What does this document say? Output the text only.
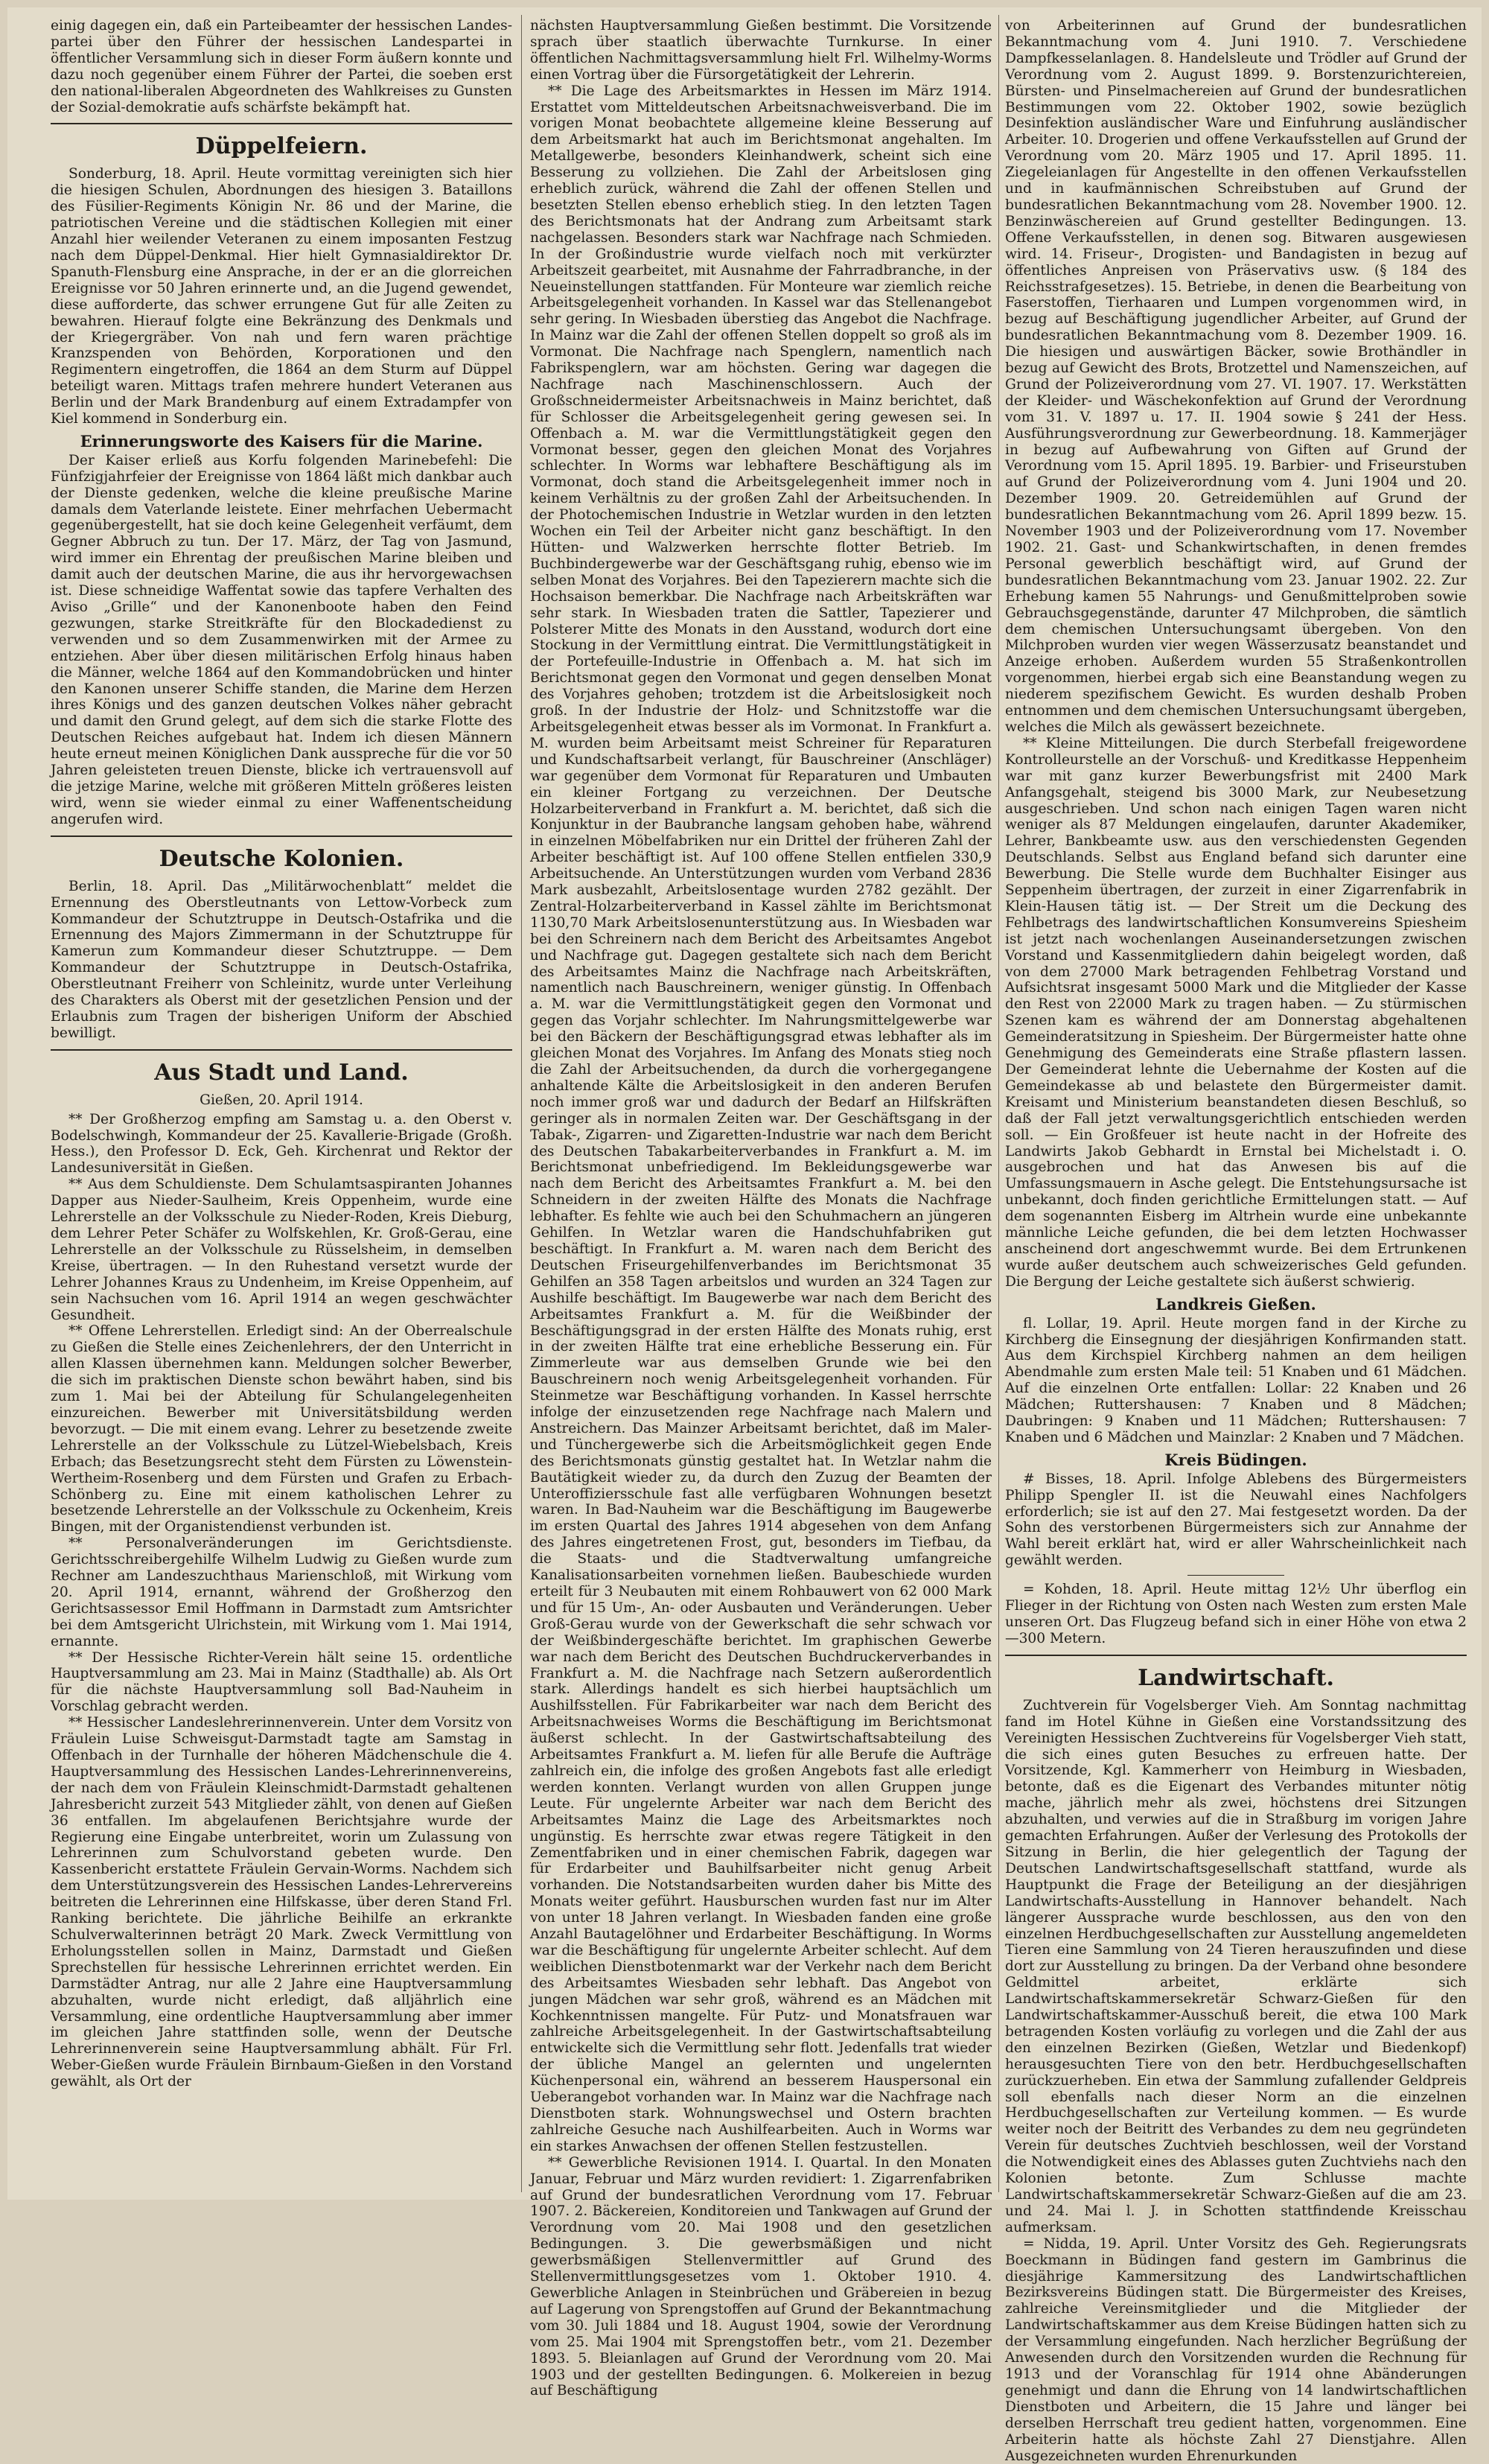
einig dagegen ein, daß ein Parteibeamter der hessischen Landes-partei über den Führer der hessischen Landespartei in öffentlicher Versammlung sich in dieser Form äußern konnte und dazu noch gegenüber einem Führer der Partei, die soeben erst den national-liberalen Abgeordneten des Wahlkreises zu Gunsten der Sozial-demokratie aufs schärfste bekämpft hat.

Düppelfeiern.

Sonderburg, 18. April. Heute vormittag vereinigten sich hier die hiesigen Schulen, Abordnungen des hiesigen 3. Bataillons des Füsilier-Regiments Königin Nr. 86 und der Marine, die patriotischen Vereine und die städtischen Kollegien mit einer Anzahl hier weilender Veteranen zu einem imposanten Festzug nach dem Düppel-Denkmal. Hier hielt Gymnasialdirektor Dr. Spanuth-Flensburg eine Ansprache, in der er an die glorreichen Ereignisse vor 50 Jahren erinnerte und, an die Jugend gewendet, diese aufforderte, das schwer errungene Gut für alle Zeiten zu bewahren. Hierauf folgte eine Bekränzung des Denkmals und der Kriegergräber. Von nah und fern waren prächtige Kranzspenden von Behörden, Korporationen und den Regimentern eingetroffen, die 1864 an dem Sturm auf Düppel beteiligt waren. Mittags trafen mehrere hundert Veteranen aus Berlin und der Mark Brandenburg auf einem Extradampfer von Kiel kommend in Sonderburg ein.

Erinnerungsworte des Kaisers für die Marine.

Der Kaiser erließ aus Korfu folgenden Marinebefehl: Die Fünfzigjahrfeier der Ereignisse von 1864 läßt mich dankbar auch der Dienste gedenken, welche die kleine preußische Marine damals dem Vaterlande leistete. Einer mehrfachen Uebermacht gegenübergestellt, hat sie doch keine Gelegenheit verfäumt, dem Gegner Abbruch zu tun. Der 17. März, der Tag von Jasmund, wird immer ein Ehrentag der preußischen Marine bleiben und damit auch der deutschen Marine, die aus ihr hervorgewachsen ist. Diese schneidige Waffentat sowie das tapfere Verhalten des Aviso „Grille“ und der Kanonenboote haben den Feind gezwungen, starke Streitkräfte für den Blockadedienst zu verwenden und so dem Zusammenwirken mit der Armee zu entziehen. Aber über diesen militärischen Erfolg hinaus haben die Männer, welche 1864 auf den Kommandobrücken und hinter den Kanonen unserer Schiffe standen, die Marine dem Herzen ihres Königs und des ganzen deutschen Volkes näher gebracht und damit den Grund gelegt, auf dem sich die starke Flotte des Deutschen Reiches aufgebaut hat. Indem ich diesen Männern heute erneut meinen Königlichen Dank ausspreche für die vor 50 Jahren geleisteten treuen Dienste, blicke ich vertrauensvoll auf die jetzige Marine, welche mit größeren Mitteln größeres leisten wird, wenn sie wieder einmal zu einer Waffenentscheidung angerufen wird.

Deutsche Kolonien.

Berlin, 18. April. Das „Militärwochenblatt“ meldet die Ernennung des Oberstleutnants von Lettow-Vorbeck zum Kommandeur der Schutztruppe in Deutsch-Ostafrika und die Ernennung des Majors Zimmermann in der Schutztruppe für Kamerun zum Kommandeur dieser Schutztruppe. — Dem Kommandeur der Schutztruppe in Deutsch-Ostafrika, Oberstleutnant Freiherr von Schleinitz, wurde unter Verleihung des Charakters als Oberst mit der gesetzlichen Pension und der Erlaubnis zum Tragen der bisherigen Uniform der Abschied bewilligt.

Aus Stadt und Land.
Gießen, 20. April 1914.

** Der Großherzog empfing am Samstag u. a. den Oberst v. Bodelschwingh, Kommandeur der 25. Kavallerie-Brigade (Großh. Hess.), den Professor D. Eck, Geh. Kirchenrat und Rektor der Landesuniversität in Gießen.

** Aus dem Schuldienste. Dem Schulamtsaspiranten Johannes Dapper aus Nieder-Saulheim, Kreis Oppenheim, wurde eine Lehrerstelle an der Volksschule zu Nieder-Roden, Kreis Dieburg, dem Lehrer Peter Schäfer zu Wolfskehlen, Kr. Groß-Gerau, eine Lehrerstelle an der Volksschule zu Rüsselsheim, in demselben Kreise, übertragen. — In den Ruhestand versetzt wurde der Lehrer Johannes Kraus zu Undenheim, im Kreise Oppenheim, auf sein Nachsuchen vom 16. April 1914 an wegen geschwächter Gesundheit.

** Offene Lehrerstellen. Erledigt sind: An der Oberrealschule zu Gießen die Stelle eines Zeichenlehrers, der den Unterricht in allen Klassen übernehmen kann. Meldungen solcher Bewerber, die sich im praktischen Dienste schon bewährt haben, sind bis zum 1. Mai bei der Abteilung für Schulangelegenheiten einzureichen. Bewerber mit Universitätsbildung werden bevorzugt. — Die mit einem evang. Lehrer zu besetzende zweite Lehrerstelle an der Volksschule zu Lützel-Wiebelsbach, Kreis Erbach; das Besetzungsrecht steht dem Fürsten zu Löwenstein-Wertheim-Rosenberg und dem Fürsten und Grafen zu Erbach-Schönberg zu. Eine mit einem katholischen Lehrer zu besetzende Lehrerstelle an der Volksschule zu Ockenheim, Kreis Bingen, mit der Organistendienst verbunden ist.

** Personalveränderungen im Gerichtsdienste. Gerichtsschreibergehilfe Wilhelm Ludwig zu Gießen wurde zum Rechner am Landeszuchthaus Marienschloß, mit Wirkung vom 20. April 1914, ernannt, während der Großherzog den Gerichtsassessor Emil Hoffmann in Darmstadt zum Amtsrichter bei dem Amtsgericht Ulrichstein, mit Wirkung vom 1. Mai 1914, ernannte.

** Der Hessische Richter-Verein hält seine 15. ordentliche Hauptversammlung am 23. Mai in Mainz (Stadthalle) ab. Als Ort für die nächste Hauptversammlung soll Bad-Nauheim in Vorschlag gebracht werden.

** Hessischer Landeslehrerinnenverein. Unter dem Vorsitz von Fräulein Luise Schweisgut-Darmstadt tagte am Samstag in Offenbach in der Turnhalle der höheren Mädchenschule die 4. Hauptversammlung des Hessischen Landes-Lehrerinnenvereins, der nach dem von Fräulein Kleinschmidt-Darmstadt gehaltenen Jahresbericht zurzeit 543 Mitglieder zählt, von denen auf Gießen 36 entfallen. Im abgelaufenen Berichtsjahre wurde der Regierung eine Eingabe unterbreitet, worin um Zulassung von Lehrerinnen zum Schulvorstand gebeten wurde. Den Kassenbericht erstattete Fräulein Gervain-Worms. Nachdem sich dem Unterstützungsverein des Hessischen Landes-Lehrervereins beitreten die Lehrerinnen eine Hilfskasse, über deren Stand Frl. Ranking berichtete. Die jährliche Beihilfe an erkrankte Schulverwalterinnen beträgt 20 Mark. Zweck Vermittlung von Erholungsstellen sollen in Mainz, Darmstadt und Gießen Sprechstellen für hessische Lehrerinnen errichtet werden. Ein Darmstädter Antrag, nur alle 2 Jahre eine Hauptversammlung abzuhalten, wurde nicht erledigt, daß alljährlich eine Versammlung, eine ordentliche Hauptversammlung aber immer im gleichen Jahre stattfinden solle, wenn der Deutsche Lehrerinnenverein seine Hauptversammlung abhält. Für Frl. Weber-Gießen wurde Fräulein Birnbaum-Gießen in den Vorstand gewählt, als Ort der

nächsten Hauptversammlung Gießen bestimmt. Die Vorsitzende sprach über staatlich überwachte Turnkurse. In einer öffentlichen Nachmittagsversammlung hielt Frl. Wilhelmy-Worms einen Vortrag über die Fürsorgetätigkeit der Lehrerin.

** Die Lage des Arbeitsmarktes in Hessen im März 1914. Erstattet vom Mitteldeutschen Arbeitsnachweisverband. Die im vorigen Monat beobachtete allgemeine kleine Besserung auf dem Arbeitsmarkt hat auch im Berichtsmonat angehalten. Im Metallgewerbe, besonders Kleinhandwerk, scheint sich eine Besserung zu vollziehen. Die Zahl der Arbeitslosen ging erheblich zurück, während die Zahl der offenen Stellen und besetzten Stellen ebenso erheblich stieg. In den letzten Tagen des Berichtsmonats hat der Andrang zum Arbeitsamt stark nachgelassen. Besonders stark war Nachfrage nach Schmieden. In der Großindustrie wurde vielfach noch mit verkürzter Arbeitszeit gearbeitet, mit Ausnahme der Fahrradbranche, in der Neueinstellungen stattfanden. Für Monteure war ziemlich reiche Arbeitsgelegenheit vorhanden. In Kassel war das Stellenangebot sehr gering. In Wiesbaden überstieg das Angebot die Nachfrage. In Mainz war die Zahl der offenen Stellen doppelt so groß als im Vormonat. Die Nachfrage nach Spenglern, namentlich nach Fabrikspenglern, war am höchsten. Gering war dagegen die Nachfrage nach Maschinenschlossern. Auch der Großschneidermeister Arbeitsnachweis in Mainz berichtet, daß für Schlosser die Arbeitsgelegenheit gering gewesen sei. In Offenbach a. M. war die Vermittlungstätigkeit gegen den Vormonat besser, gegen den gleichen Monat des Vorjahres schlechter. In Worms war lebhaftere Beschäftigung als im Vormonat, doch stand die Arbeitsgelegenheit immer noch in keinem Verhältnis zu der großen Zahl der Arbeitsuchenden. In der Photochemischen Industrie in Wetzlar wurden in den letzten Wochen ein Teil der Arbeiter nicht ganz beschäftigt. In den Hütten- und Walzwerken herrschte flotter Betrieb. Im Buchbindergewerbe war der Geschäftsgang ruhig, ebenso wie im selben Monat des Vorjahres. Bei den Tapezierern machte sich die Hochsaison bemerkbar. Die Nachfrage nach Arbeitskräften war sehr stark. In Wiesbaden traten die Sattler, Tapezierer und Polsterer Mitte des Monats in den Ausstand, wodurch dort eine Stockung in der Vermittlung eintrat. Die Vermittlungstätigkeit in der Portefeuille-Industrie in Offenbach a. M. hat sich im Berichtsmonat gegen den Vormonat und gegen denselben Monat des Vorjahres gehoben; trotzdem ist die Arbeitslosigkeit noch groß. In der Industrie der Holz- und Schnitzstoffe war die Arbeitsgelegenheit etwas besser als im Vormonat. In Frankfurt a. M. wurden beim Arbeitsamt meist Schreiner für Reparaturen und Kundschaftsarbeit verlangt, für Bauschreiner (Anschläger) war gegenüber dem Vormonat für Reparaturen und Umbauten ein kleiner Fortgang zu verzeichnen. Der Deutsche Holzarbeiterverband in Frankfurt a. M. berichtet, daß sich die Konjunktur in der Baubranche langsam gehoben habe, während in einzelnen Möbelfabriken nur ein Drittel der früheren Zahl der Arbeiter beschäftigt ist. Auf 100 offene Stellen entfielen 330,9 Arbeitsuchende. An Unterstützungen wurden vom Verband 2836 Mark ausbezahlt, Arbeitslosentage wurden 2782 gezählt. Der Zentral-Holzarbeiterverband in Kassel zählte im Berichtsmonat 1130,70 Mark Arbeitslosenunterstützung aus. In Wiesbaden war bei den Schreinern nach dem Bericht des Arbeitsamtes Angebot und Nachfrage gut. Dagegen gestaltete sich nach dem Bericht des Arbeitsamtes Mainz die Nachfrage nach Arbeitskräften, namentlich nach Bauschreinern, weniger günstig. In Offenbach a. M. war die Vermittlungstätigkeit gegen den Vormonat und gegen das Vorjahr schlechter. Im Nahrungsmittelgewerbe war bei den Bäckern der Beschäftigungsgrad etwas lebhafter als im gleichen Monat des Vorjahres. Im Anfang des Monats stieg noch die Zahl der Arbeitsuchenden, da durch die vorhergegangene anhaltende Kälte die Arbeitslosigkeit in den anderen Berufen noch immer groß war und dadurch der Bedarf an Hilfskräften geringer als in normalen Zeiten war. Der Geschäftsgang in der Tabak-, Zigarren- und Zigaretten-Industrie war nach dem Bericht des Deutschen Tabakarbeiterverbandes in Frankfurt a. M. im Berichtsmonat unbefriedigend. Im Bekleidungsgewerbe war nach dem Bericht des Arbeitsamtes Frankfurt a. M. bei den Schneidern in der zweiten Hälfte des Monats die Nachfrage lebhafter. Es fehlte wie auch bei den Schuhmachern an jüngeren Gehilfen. In Wetzlar waren die Handschuhfabriken gut beschäftigt. In Frankfurt a. M. waren nach dem Bericht des Deutschen Friseurgehilfenverbandes im Berichtsmonat 35 Gehilfen an 358 Tagen arbeitslos und wurden an 324 Tagen zur Aushilfe beschäftigt. Im Baugewerbe war nach dem Bericht des Arbeitsamtes Frankfurt a. M. für die Weißbinder der Beschäftigungsgrad in der ersten Hälfte des Monats ruhig, erst in der zweiten Hälfte trat eine erhebliche Besserung ein. Für Zimmerleute war aus demselben Grunde wie bei den Bauschreinern noch wenig Arbeitsgelegenheit vorhanden. Für Steinmetze war Beschäftigung vorhanden. In Kassel herrschte infolge der einzusetzenden rege Nachfrage nach Malern und Anstreichern. Das Mainzer Arbeitsamt berichtet, daß im Maler- und Tünchergewerbe sich die Arbeitsmöglichkeit gegen Ende des Berichtsmonats günstig gestaltet hat. In Wetzlar nahm die Bautätigkeit wieder zu, da durch den Zuzug der Beamten der Unteroffiziersschule fast alle verfügbaren Wohnungen besetzt waren. In Bad-Nauheim war die Beschäftigung im Baugewerbe im ersten Quartal des Jahres 1914 abgesehen von dem Anfang des Jahres eingetretenen Frost, gut, besonders im Tiefbau, da die Staats- und die Stadtverwaltung umfangreiche Kanalisationsarbeiten vornehmen ließen. Baubeschiede wurden erteilt für 3 Neubauten mit einem Rohbauwert von 62 000 Mark und für 15 Um-, An- oder Ausbauten und Veränderungen. Ueber Groß-Gerau wurde von der Gewerkschaft die sehr schwach vor der Weißbindergeschäfte berichtet. Im graphischen Gewerbe war nach dem Bericht des Deutschen Buchdruckerverbandes in Frankfurt a. M. die Nachfrage nach Setzern außerordentlich stark. Allerdings handelt es sich hierbei hauptsächlich um Aushilfsstellen. Für Fabrikarbeiter war nach dem Bericht des Arbeitsnachweises Worms die Beschäftigung im Berichtsmonat äußerst schlecht. In der Gastwirtschaftsabteilung des Arbeitsamtes Frankfurt a. M. liefen für alle Berufe die Aufträge zahlreich ein, die infolge des großen Angebots fast alle erledigt werden konnten. Verlangt wurden von allen Gruppen junge Leute. Für ungelernte Arbeiter war nach dem Bericht des Arbeitsamtes Mainz die Lage des Arbeitsmarktes noch ungünstig. Es herrschte zwar etwas regere Tätigkeit in den Zementfabriken und in einer chemischen Fabrik, dagegen war für Erdarbeiter und Bauhilfsarbeiter nicht genug Arbeit vorhanden. Die Notstandsarbeiten wurden daher bis Mitte des Monats weiter geführt. Hausburschen wurden fast nur im Alter von unter 18 Jahren verlangt. In Wiesbaden fanden eine große Anzahl Bautagelöhner und Erdarbeiter Beschäftigung. In Worms war die Beschäftigung für ungelernte Arbeiter schlecht. Auf dem weiblichen Dienstbotenmarkt war der Verkehr nach dem Bericht des Arbeitsamtes Wiesbaden sehr lebhaft. Das Angebot von jungen Mädchen war sehr groß, während es an Mädchen mit Kochkenntnissen mangelte. Für Putz- und Monatsfrauen war zahlreiche Arbeitsgelegenheit. In der Gastwirtschaftsabteilung entwickelte sich die Vermittlung sehr flott. Jedenfalls trat wieder der übliche Mangel an gelernten und ungelernten Küchenpersonal ein, während an besserem Hauspersonal ein Ueberangebot vorhanden war. In Mainz war die Nachfrage nach Dienstboten stark. Wohnungswechsel und Ostern brachten zahlreiche Gesuche nach Aushilfearbeiten. Auch in Worms war ein starkes Anwachsen der offenen Stellen festzustellen.

** Gewerbliche Revisionen 1914. I. Quartal. In den Monaten Januar, Februar und März wurden revidiert: 1. Zigarrenfabriken auf Grund der bundesratlichen Verordnung vom 17. Februar 1907. 2. Bäckereien, Konditoreien und Tankwagen auf Grund der Verordnung vom 20. Mai 1908 und den gesetzlichen Bedingungen. 3. Die gewerbsmäßigen und nicht gewerbsmäßigen Stellenvermittler auf Grund des Stellenvermittlungsgesetzes vom 1. Oktober 1910. 4. Gewerbliche Anlagen in Steinbrüchen und Gräbereien in bezug auf Lagerung von Sprengstoffen auf Grund der Bekanntmachung vom 30. Juli 1884 und 18. August 1904, sowie der Verordnung vom 25. Mai 1904 mit Sprengstoffen betr., vom 21. Dezember 1893. 5. Bleianlagen auf Grund der Verordnung vom 20. Mai 1903 und der gestellten Bedingungen. 6. Molkereien in bezug auf Beschäftigung

von Arbeiterinnen auf Grund der bundesratlichen Bekanntmachung vom 4. Juni 1910. 7. Verschiedene Dampfkesselanlagen. 8. Handelsleute und Trödler auf Grund der Verordnung vom 2. August 1899. 9. Borstenzurichtereien, Bürsten- und Pinselmachereien auf Grund der bundesratlichen Bestimmungen vom 22. Oktober 1902, sowie bezüglich Desinfektion ausländischer Ware und Einfuhrung ausländischer Arbeiter. 10. Drogerien und offene Verkaufsstellen auf Grund der Verordnung vom 20. März 1905 und 17. April 1895. 11. Ziegeleianlagen für Angestellte in den offenen Verkaufsstellen und in kaufmännischen Schreibstuben auf Grund der bundesratlichen Bekanntmachung vom 28. November 1900. 12. Benzinwäschereien auf Grund gestellter Bedingungen. 13. Offene Verkaufsstellen, in denen sog. Bitwaren ausgewiesen wird. 14. Friseur-, Drogisten- und Bandagisten in bezug auf öffentliches Anpreisen von Präservativs usw. (§ 184 des Reichsstrafgesetzes). 15. Betriebe, in denen die Bearbeitung von Faserstoffen, Tierhaaren und Lumpen vorgenommen wird, in bezug auf Beschäftigung jugendlicher Arbeiter, auf Grund der bundesratlichen Bekanntmachung vom 8. Dezember 1909. 16. Die hiesigen und auswärtigen Bäcker, sowie Brothändler in bezug auf Gewicht des Brots, Brotzettel und Namenszeichen, auf Grund der Polizeiverordnung vom 27. VI. 1907. 17. Werkstätten der Kleider- und Wäschekonfektion auf Grund der Verordnung vom 31. V. 1897 u. 17. II. 1904 sowie § 241 der Hess. Ausführungsverordnung zur Gewerbeordnung. 18. Kammerjäger in bezug auf Aufbewahrung von Giften auf Grund der Verordnung vom 15. April 1895. 19. Barbier- und Friseurstuben auf Grund der Polizeiverordnung vom 4. Juni 1904 und 20. Dezember 1909. 20. Getreidemühlen auf Grund der bundesratlichen Bekanntmachung vom 26. April 1899 bezw. 15. November 1903 und der Polizeiverordnung vom 17. November 1902. 21. Gast- und Schankwirtschaften, in denen fremdes Personal gewerblich beschäftigt wird, auf Grund der bundesratlichen Bekanntmachung vom 23. Januar 1902. 22. Zur Erhebung kamen 55 Nahrungs- und Genußmittelproben sowie Gebrauchsgegenstände, darunter 47 Milchproben, die sämtlich dem chemischen Untersuchungsamt übergeben. Von den Milchproben wurden vier wegen Wässerzusatz beanstandet und Anzeige erhoben. Außerdem wurden 55 Straßenkontrollen vorgenommen, hierbei ergab sich eine Beanstandung wegen zu niederem spezifischem Gewicht. Es wurden deshalb Proben entnommen und dem chemischen Untersuchungsamt übergeben, welches die Milch als gewässert bezeichnete.

** Kleine Mitteilungen. Die durch Sterbefall freigewordene Kontrolleurstelle an der Vorschuß- und Kreditkasse Heppenheim war mit ganz kurzer Bewerbungsfrist mit 2400 Mark Anfangsgehalt, steigend bis 3000 Mark, zur Neubesetzung ausgeschrieben. Und schon nach einigen Tagen waren nicht weniger als 87 Meldungen eingelaufen, darunter Akademiker, Lehrer, Bankbeamte usw. aus den verschiedensten Gegenden Deutschlands. Selbst aus England befand sich darunter eine Bewerbung. Die Stelle wurde dem Buchhalter Eisinger aus Seppenheim übertragen, der zurzeit in einer Zigarrenfabrik in Klein-Hausen tätig ist. — Der Streit um die Deckung des Fehlbetrags des landwirtschaftlichen Konsumvereins Spiesheim ist jetzt nach wochenlangen Auseinandersetzungen zwischen Vorstand und Kassenmitgliedern dahin beigelegt worden, daß von dem 27000 Mark betragenden Fehlbetrag Vorstand und Aufsichtsrat insgesamt 5000 Mark und die Mitglieder der Kasse den Rest von 22000 Mark zu tragen haben. — Zu stürmischen Szenen kam es während der am Donnerstag abgehaltenen Gemeinderatsitzung in Spiesheim. Der Bürgermeister hatte ohne Genehmigung des Gemeinderats eine Straße pflastern lassen. Der Gemeinderat lehnte die Uebernahme der Kosten auf die Gemeindekasse ab und belastete den Bürgermeister damit. Kreisamt und Ministerium beanstandeten diesen Beschluß, so daß der Fall jetzt verwaltungsgerichtlich entschieden werden soll. — Ein Großfeuer ist heute nacht in der Hofreite des Landwirts Jakob Gebhardt in Ernstal bei Michelstadt i. O. ausgebrochen und hat das Anwesen bis auf die Umfassungsmauern in Asche gelegt. Die Entstehungsursache ist unbekannt, doch finden gerichtliche Ermittelungen statt. — Auf dem sogenannten Eisberg im Altrhein wurde eine unbekannte männliche Leiche gefunden, die bei dem letzten Hochwasser anscheinend dort angeschwemmt wurde. Bei dem Ertrunkenen wurde außer deutschem auch schweizerisches Geld gefunden. Die Bergung der Leiche gestaltete sich äußerst schwierig.

Landkreis Gießen.

fl. Lollar, 19. April. Heute morgen fand in der Kirche zu Kirchberg die Einsegnung der diesjährigen Konfirmanden statt. Aus dem Kirchspiel Kirchberg nahmen an dem heiligen Abendmahle zum ersten Male teil: 51 Knaben und 61 Mädchen. Auf die einzelnen Orte entfallen: Lollar: 22 Knaben und 26 Mädchen; Ruttershausen: 7 Knaben und 8 Mädchen; Daubringen: 9 Knaben und 11 Mädchen; Ruttershausen: 7 Knaben und 6 Mädchen und Mainzlar: 2 Knaben und 7 Mädchen.

Kreis Büdingen.

# Bisses, 18. April. Infolge Ablebens des Bürgermeisters Philipp Spengler II. ist die Neuwahl eines Nachfolgers erforderlich; sie ist auf den 27. Mai festgesetzt worden. Da der Sohn des verstorbenen Bürgermeisters sich zur Annahme der Wahl bereit erklärt hat, wird er aller Wahrscheinlichkeit nach gewählt werden.

= Kohden, 18. April. Heute mittag 12½ Uhr überflog ein Flieger in der Richtung von Osten nach Westen zum ersten Male unseren Ort. Das Flugzeug befand sich in einer Höhe von etwa 2—300 Metern.

Landwirtschaft.

Zuchtverein für Vogelsberger Vieh. Am Sonntag nachmittag fand im Hotel Kühne in Gießen eine Vorstandssitzung des Vereinigten Hessischen Zuchtvereins für Vogelsberger Vieh statt, die sich eines guten Besuches zu erfreuen hatte. Der Vorsitzende, Kgl. Kammerherr von Heimburg in Wiesbaden, betonte, daß es die Eigenart des Verbandes mitunter nötig mache, jährlich mehr als zwei, höchstens drei Sitzungen abzuhalten, und verwies auf die in Straßburg im vorigen Jahre gemachten Erfahrungen. Außer der Verlesung des Protokolls der Sitzung in Berlin, die hier gelegentlich der Tagung der Deutschen Landwirtschaftsgesellschaft stattfand, wurde als Hauptpunkt die Frage der Beteiligung an der diesjährigen Landwirtschafts-Ausstellung in Hannover behandelt. Nach längerer Aussprache wurde beschlossen, aus den von den einzelnen Herdbuchgesellschaften zur Ausstellung angemeldeten Tieren eine Sammlung von 24 Tieren herauszufinden und diese dort zur Ausstellung zu bringen. Da der Verband ohne besondere Geldmittel arbeitet, erklärte sich Landwirtschaftskammersekretär Schwarz-Gießen für den Landwirtschaftskammer-Ausschuß bereit, die etwa 100 Mark betragenden Kosten vorläufig zu vorlegen und die Zahl der aus den einzelnen Bezirken (Gießen, Wetzlar und Biedenkopf) herausgesuchten Tiere von den betr. Herdbuchgesellschaften zurückzuerheben. Ein etwa der Sammlung zufallender Geldpreis soll ebenfalls nach dieser Norm an die einzelnen Herdbuchgesellschaften zur Verteilung kommen. — Es wurde weiter noch der Beitritt des Verbandes zu dem neu gegründeten Verein für deutsches Zuchtvieh beschlossen, weil der Vorstand die Notwendigkeit eines des Ablasses guten Zuchtviehs nach den Kolonien betonte. Zum Schlusse machte Landwirtschaftskammersekretär Schwarz-Gießen auf die am 23. und 24. Mai l. J. in Schotten stattfindende Kreisschau aufmerksam.

= Nidda, 19. April. Unter Vorsitz des Geh. Regierungsrats Boeckmann in Büdingen fand gestern im Gambrinus die diesjährige Kammersitzung des Landwirtschaftlichen Bezirksvereins Büdingen statt. Die Bürgermeister des Kreises, zahlreiche Vereinsmitglieder und die Mitglieder der Landwirtschaftskammer aus dem Kreise Büdingen hatten sich zu der Versammlung eingefunden. Nach herzlicher Begrüßung der Anwesenden durch den Vorsitzenden wurden die Rechnung für 1913 und der Voranschlag für 1914 ohne Abänderungen genehmigt und dann die Ehrung von 14 landwirtschaftlichen Dienstboten und Arbeitern, die 15 Jahre und länger bei derselben Herrschaft treu gedient hatten, vorgenommen. Eine Arbeiterin hatte als höchste Zahl 27 Dienstjahre. Allen Ausgezeichneten wurden Ehrenurkunden
